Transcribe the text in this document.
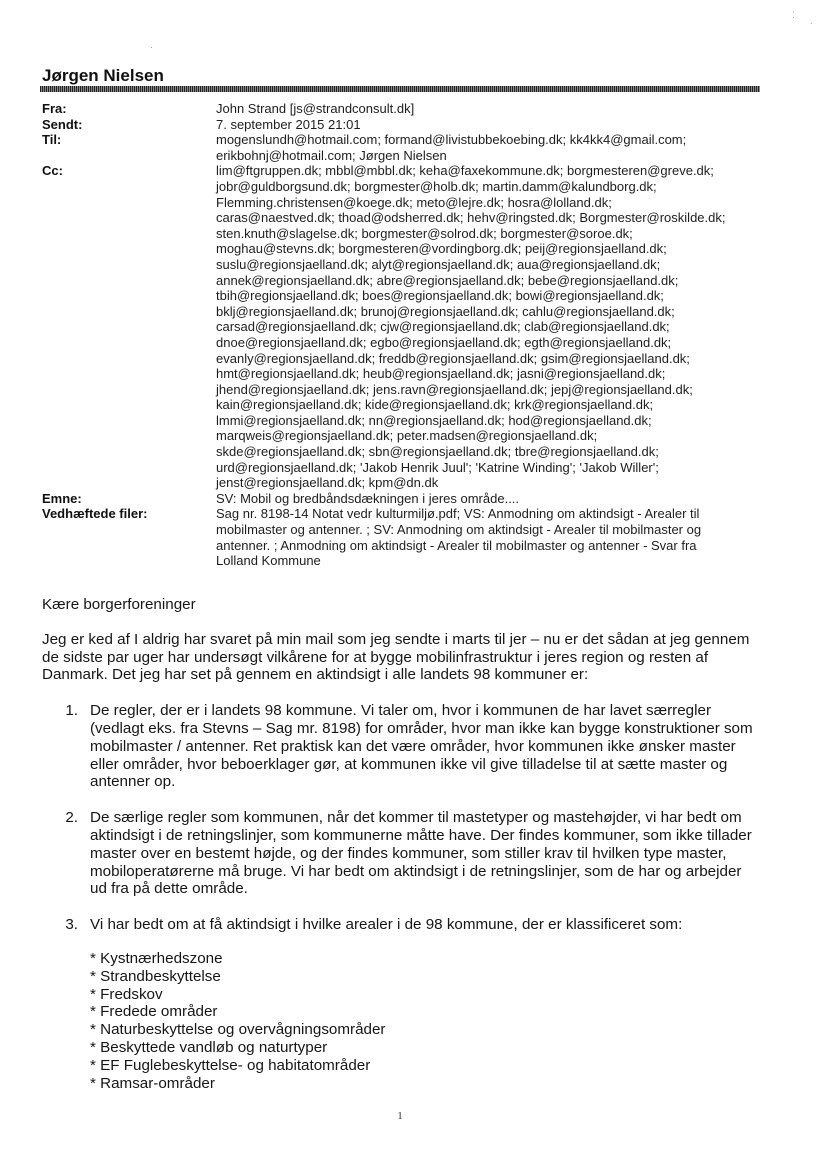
Jørgen Nielsen
Fra:	John Strand [js@strandconsult.dk]
Sendt:	7. september 2015 21:01
Til:	mogenslundh@hotmail.com; formand@livistubbekoebing.dk; kk4kk4@gmail.com;
erikbohnj@hotmail.com; Jørgen Nielsen
Cc:	lim@ftgruppen.dk; mbbl@mbbl.dk; keha@faxekommune.dk; borgmesteren@greve.dk;
jobr@guldborgsund.dk; borgmester@holb.dk; martin.damm@kalundborg.dk;
Flemming.christensen@koege.dk; meto@lejre.dk; hosra@lolland.dk;
caras@naestved.dk; thoad@odsherred.dk; hehv@ringsted.dk; Borgmester@roskilde.dk;
sten.knuth@slagelse.dk; borgmester@solrod.dk; borgmester@soroe.dk;
moghau@stevns.dk; borgmesteren@vordingborg.dk; peij@regionsjaelland.dk;
suslu@regionsjaelland.dk; alyt@regionsjaelland.dk; aua@regionsjaelland.dk;
annek@regionsjaelland.dk; abre@regionsjaelland.dk; bebe@regionsjaelland.dk;
tbih@regionsjaelland.dk; boes@regionsjaelland.dk; bowi@regionsjaelland.dk;
bklj@regionsjaelland.dk; brunoj@regionsjaelland.dk; cahlu@regionsjaelland.dk;
carsad@regionsjaelland.dk; cjw@regionsjaelland.dk; clab@regionsjaelland.dk;
dnoe@regionsjaelland.dk; egbo@regionsjaelland.dk; egth@regionsjaelland.dk;
evanly@regionsjaelland.dk; freddb@regionsjaelland.dk; gsim@regionsjaelland.dk;
hmt@regionsjaelland.dk; heub@regionsjaelland.dk; jasni@regionsjaelland.dk;
jhend@regionsjaelland.dk; jens.ravn@regionsjaelland.dk; jepj@regionsjaelland.dk;
kain@regionsjaelland.dk; kide@regionsjaelland.dk; krk@regionsjaelland.dk;
lmmi@regionsjaelland.dk; nn@regionsjaelland.dk; hod@regionsjaelland.dk;
marqweis@regionsjaelland.dk; peter.madsen@regionsjaelland.dk;
skde@regionsjaelland.dk; sbn@regionsjaelland.dk; tbre@regionsjaelland.dk;
urd@regionsjaelland.dk; 'Jakob Henrik Juul'; 'Katrine Winding'; 'Jakob Willer';
jenst@regionsjaelland.dk; kpm@dn.dk
Emne:	SV: Mobil og bredbåndsdækningen i jeres område....
Vedhæftede filer:	Sag nr. 8198-14 Notat vedr kulturmiljø.pdf; VS: Anmodning om aktindsigt - Arealer til
mobilmaster og antenner. ; SV: Anmodning om aktindsigt - Arealer til mobilmaster og
antenner. ; Anmodning om aktindsigt - Arealer til mobilmaster og antenner - Svar fra
Lolland Kommune

Kære borgerforeninger

Jeg er ked af I aldrig har svaret på min mail som jeg sendte i marts til jer – nu er det sådan at jeg gennem
de sidste par uger har undersøgt vilkårene for at bygge mobilinfrastruktur i jeres region og resten af
Danmark. Det jeg har set på gennem en aktindsigt i alle landets 98 kommuner er:

1. De regler, der er i landets 98 kommune. Vi taler om, hvor i kommunen de har lavet særregler
(vedlagt eks. fra Stevns – Sag mr. 8198) for områder, hvor man ikke kan bygge konstruktioner som
mobilmaster / antenner. Ret praktisk kan det være områder, hvor kommunen ikke ønsker master
eller områder, hvor beboerklager gør, at kommunen ikke vil give tilladelse til at sætte master og
antenner op.
2. De særlige regler som kommunen, når det kommer til mastetyper og mastehøjder, vi har bedt om
aktindsigt i de retningslinjer, som kommunerne måtte have. Der findes kommuner, som ikke tillader
master over en bestemt højde, og der findes kommuner, som stiller krav til hvilken type master,
mobiloperatørerne må bruge. Vi har bedt om aktindsigt i de retningslinjer, som de har og arbejder
ud fra på dette område.
3. Vi har bedt om at få aktindsigt i hvilke arealer i de 98 kommune, der er klassificeret som:
* Kystnærhedszone
* Strandbeskyttelse
* Fredskov
* Fredede områder
* Naturbeskyttelse og overvågningsområder
* Beskyttede vandløb og naturtyper
* EF Fuglebeskyttelse- og habitatområder
* Ramsar-områder
1
·
⁚
·
